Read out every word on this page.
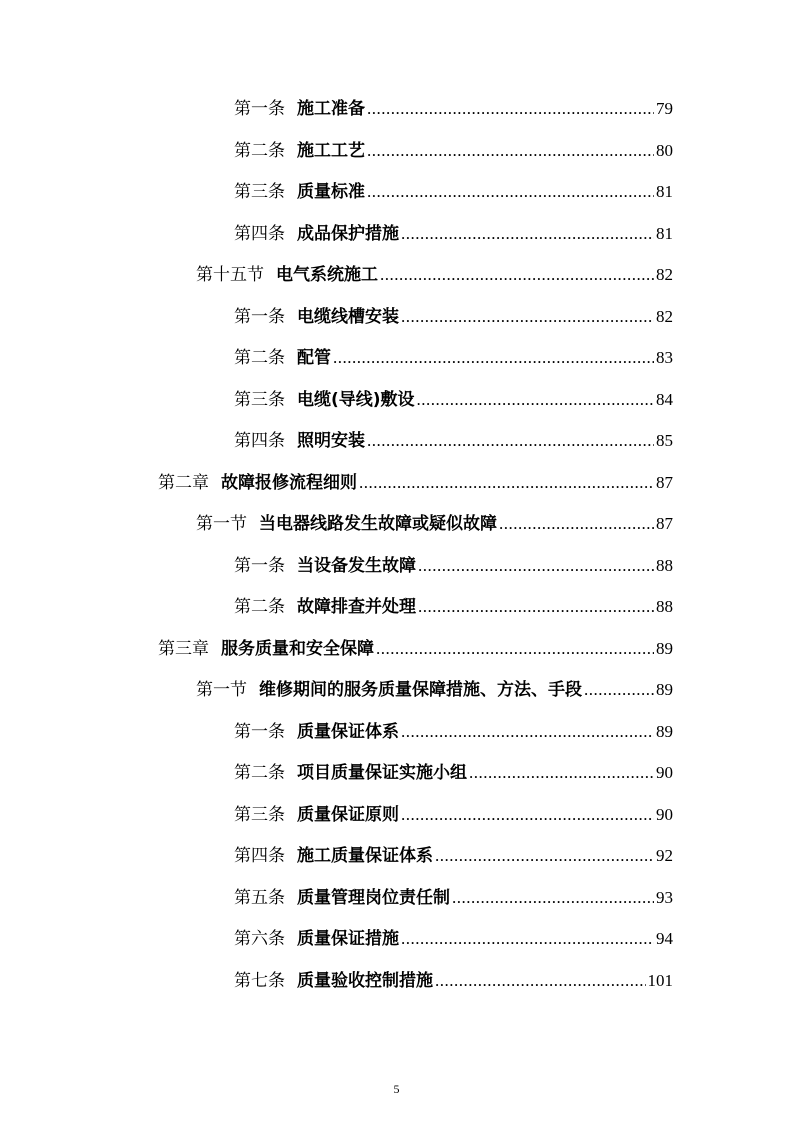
第一条 施工准备 .....	79
第二条 施工工艺 .....	80
第三条 质量标准 .....	81
第四条 成品保护措施 .....	81
第十五节 电气系统施工 .....	82
第一条 电缆线槽安装 .....	82
第二条 配管 .....	83
第三条 电缆(导线)敷设 .....	84
第四条 照明安装 .....	85
第二章 故障报修流程细则 .....	87
第一节 当电器线路发生故障或疑似故障 .....	87
第一条 当设备发生故障 .....	88
第二条 故障排查并处理 .....	88
第三章 服务质量和安全保障 .....	89
第一节 维修期间的服务质量保障措施、方法、手段 .....	89
第一条 质量保证体系 .....	89
第二条 项目质量保证实施小组 .....	90
第三条 质量保证原则 .....	90
第四条 施工质量保证体系 .....	92
第五条 质量管理岗位责任制 .....	93
第六条 质量保证措施 .....	94
第七条 质量验收控制措施 .....	101
5
